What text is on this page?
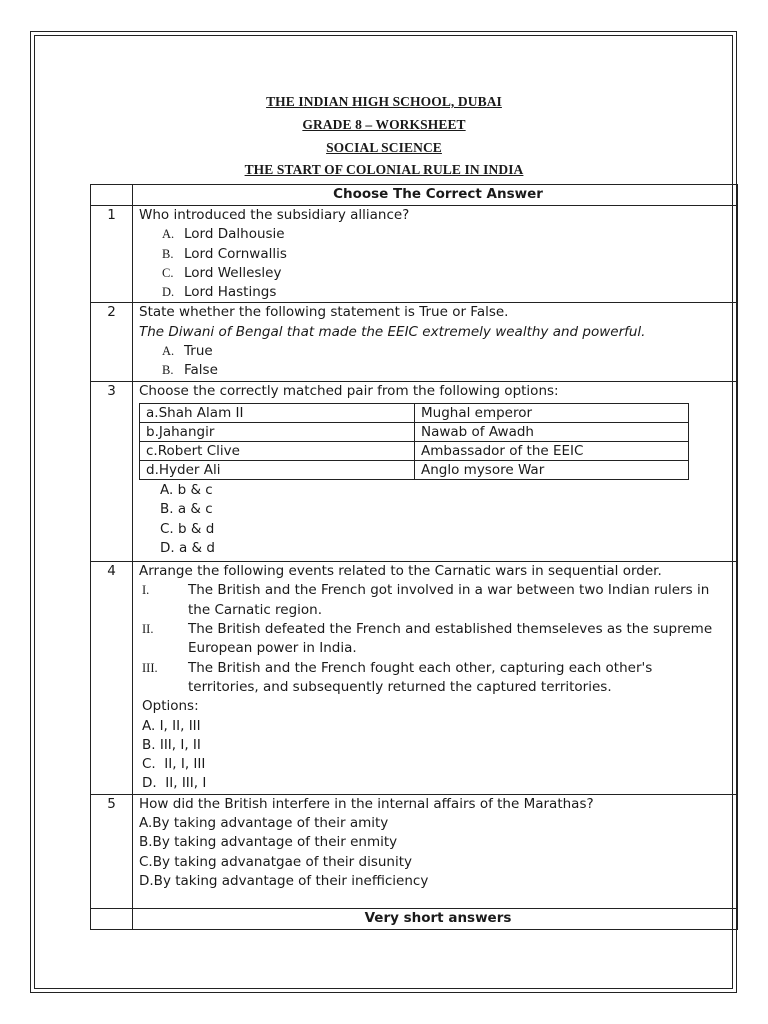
THE INDIAN HIGH SCHOOL, DUBAI
GRADE 8 – WORKSHEET
SOCIAL SCIENCE
THE START OF COLONIAL RULE IN INDIA

Choose The Correct Answer

1	Who introduced the subsidiary alliance?
A. Lord Dalhousie
B. Lord Cornwallis
C. Lord Wellesley
D. Lord Hastings

2	State whether the following statement is True or False.
The Diwani of Bengal that made the EEIC extremely wealthy and powerful.
A. True
B. False

3	Choose the correctly matched pair from the following options:
a.Shah Alam II	Mughal emperor
b.Jahangir	Nawab of Awadh
c.Robert Clive	Ambassador of the EEIC
d.Hyder Ali	Anglo mysore War
A. b & c
B. a & c
C. b & d
D. a & d

4	Arrange the following events related to the Carnatic wars in sequential order.
I.	The British and the French got involved in a war between two Indian rulers in
the Carnatic region.
II.	The British defeated the French and established themseleves as the supreme
European power in India.
III.	The British and the French fought each other, capturing each other's
territories, and subsequently returned the captured territories.
Options:
A. I, II, III
B. III, I, II
C.  II, I, III
D.  II, III, I

5	How did the British interfere in the internal affairs of the Marathas?
A.By taking advantage of their amity
B.By taking advantage of their enmity
C.By taking advanatgae of their disunity
D.By taking advantage of their inefficiency

Very short answers
